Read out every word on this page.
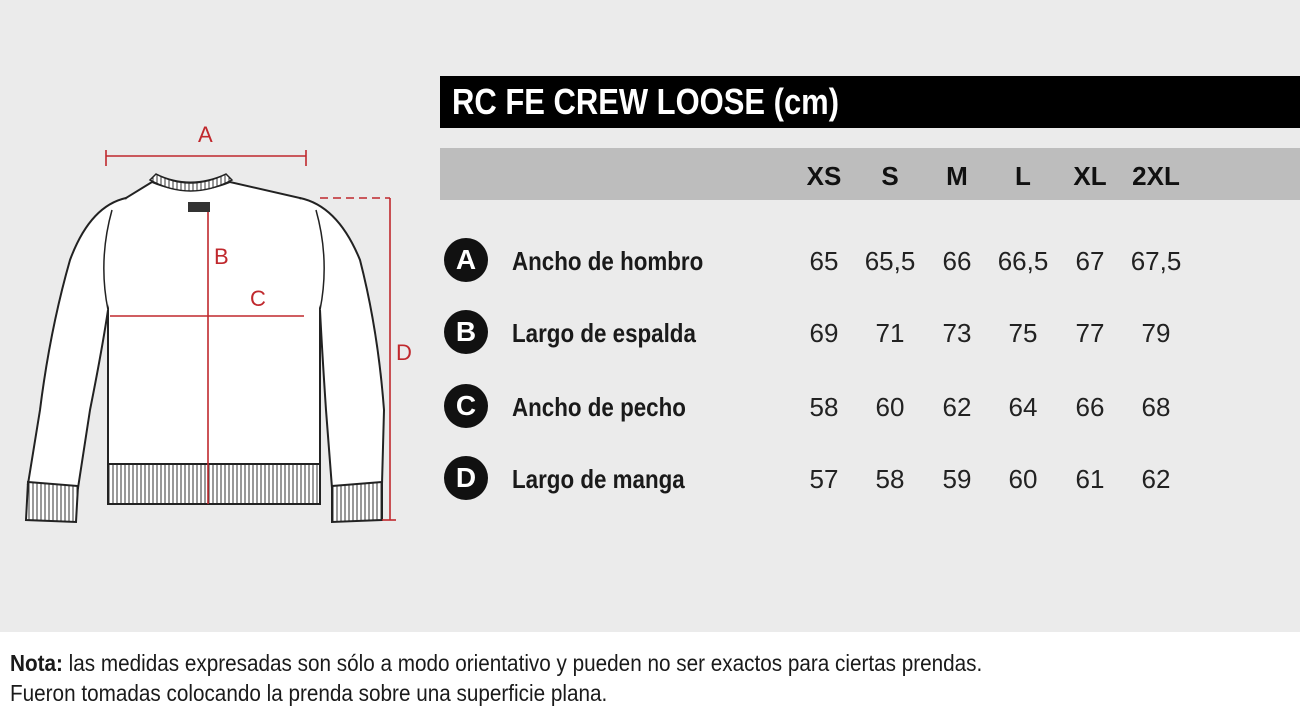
A
B
C
D
RC FE CREW LOOSE (cm)
XS	S	M	L	XL 2XL
A	Ancho de hombro	65	65,5	66	66,5	67	67,5
B	Largo de espalda	69	71	73	75	77	79
C	Ancho de pecho	58	60	62	64	66	68
D	Largo de manga	57	58	59	60	61	62
Nota: las medidas expresadas son sólo a modo orientativo y pueden no ser exactos para ciertas prendas.
Fueron tomadas colocando la prenda sobre una superficie plana.
